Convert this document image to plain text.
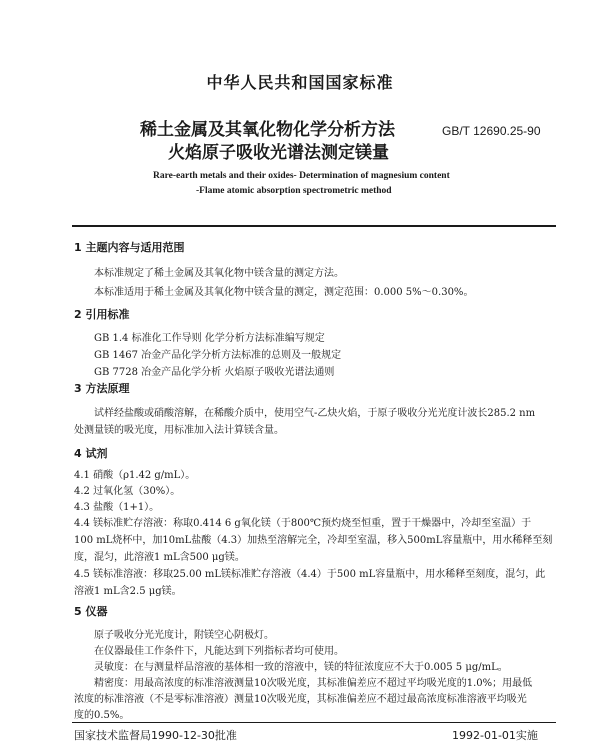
中华人民共和国国家标准
稀土金属及其氧化物化学分析方法
火焰原子吸收光谱法测定镁量
GB/T 12690.25-90
Rare-earth metals and their oxides- Determination of magnesium content
-Flame atomic absorption spectrometric method
1 主题内容与适用范围
本标准规定了稀土金属及其氧化物中镁含量的测定方法。
本标准适用于稀土金属及其氧化物中镁含量的测定，测定范围：0.000 5%～0.30%。
2 引用标准
GB 1.4 标准化工作导则 化学分析方法标准编写规定
GB 1467 冶金产品化学分析方法标准的总则及一般规定
GB 7728 冶金产品化学分析 火焰原子吸收光谱法通则
3 方法原理
试样经盐酸或硝酸溶解，在稀酸介质中，使用空气-乙炔火焰，于原子吸收分光光度计波长285.2 nm
处测量镁的吸光度，用标准加入法计算镁含量。
4 试剂
4.1 硝酸（ρ1.42 g/mL）。
4.2 过氧化氢（30%）。
4.3 盐酸（1+1）。
4.4 镁标准贮存溶液：称取0.414 6 g氧化镁（于800℃预灼烧至恒重，置于干燥器中，冷却至室温）于
100 mL烧杯中，加10mL盐酸（4.3）加热至溶解完全，冷却至室温，移入500mL容量瓶中，用水稀释至刻
度，混匀，此溶液1 mL含500 μg镁。
4.5 镁标准溶液：移取25.00 mL镁标准贮存溶液（4.4）于500 mL容量瓶中，用水稀释至刻度，混匀，此
溶液1 mL含2.5 μg镁。
5 仪器
原子吸收分光光度计，附镁空心阴极灯。
在仪器最佳工作条件下，凡能达到下列指标者均可使用。
灵敏度：在与测量样品溶液的基体相一致的溶液中，镁的特征浓度应不大于0.005 5 μg/mL。
精密度：用最高浓度的标准溶液测量10次吸光度，其标准偏差应不超过平均吸光度的1.0%；用最低
浓度的标准溶液（不是零标准溶液）测量10次吸光度，其标准偏差应不超过最高浓度标准溶液平均吸光
度的0.5%。
国家技术监督局1990-12-30批准	1992-01-01实施
